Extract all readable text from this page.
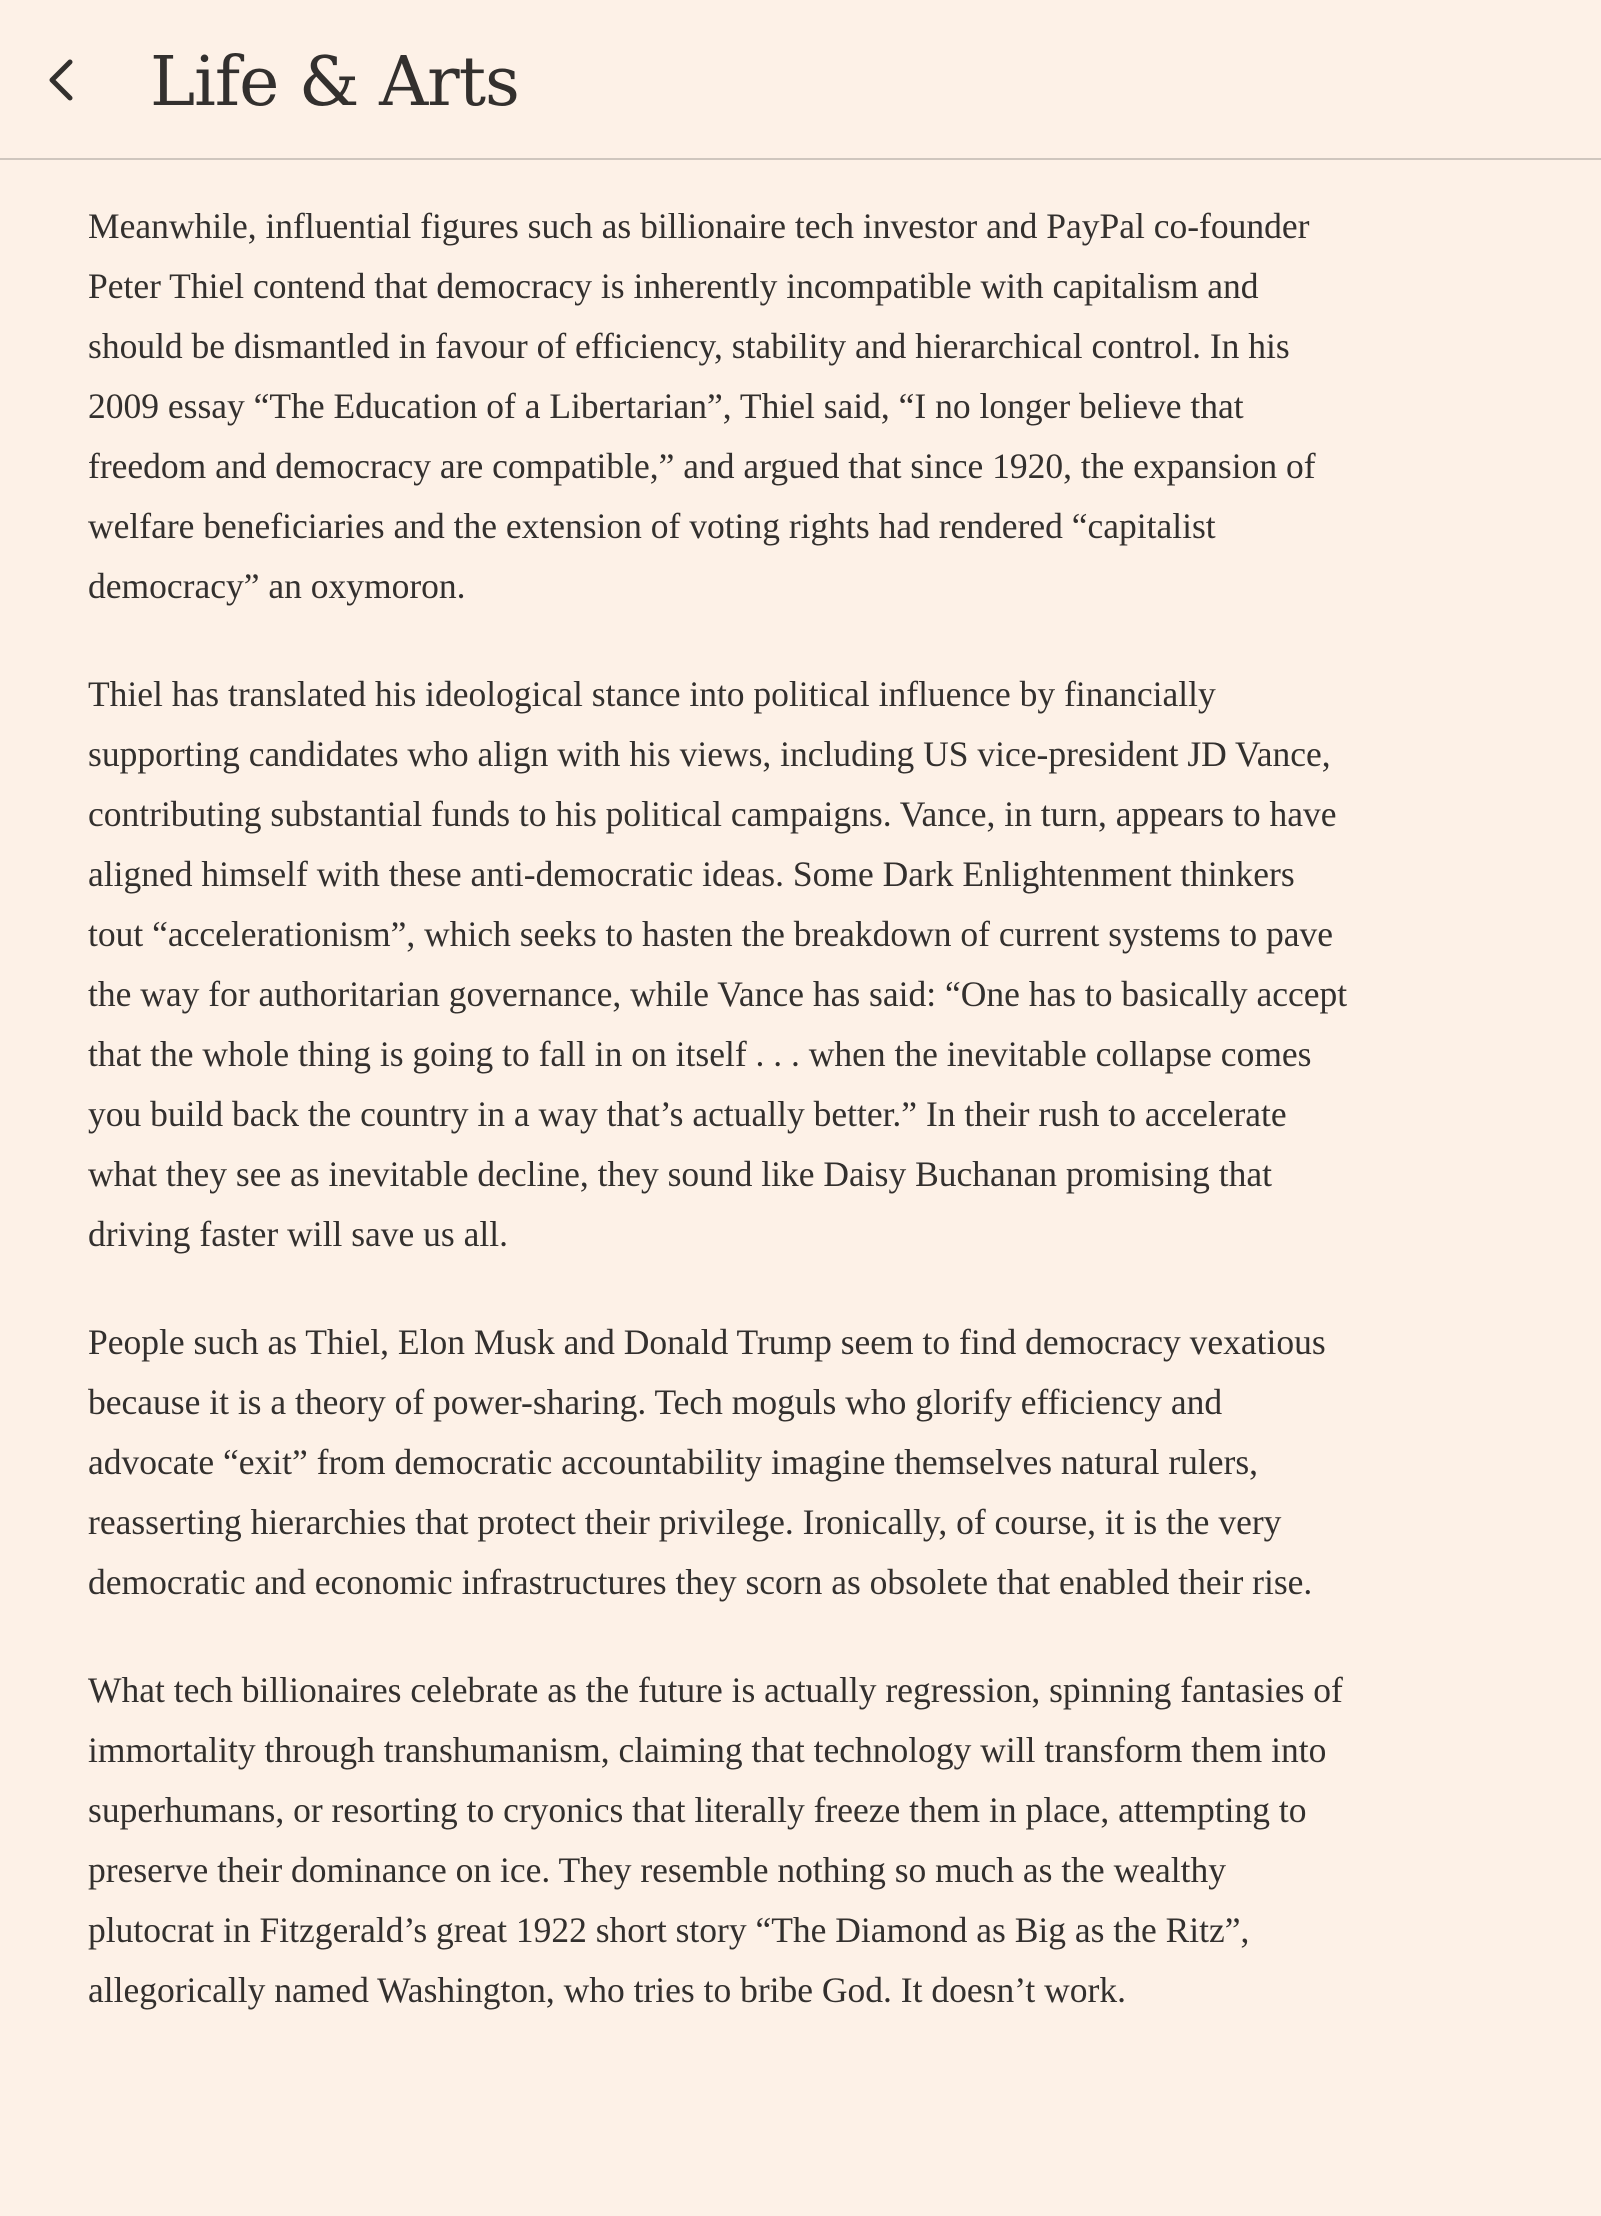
Life & Arts

Meanwhile, influential figures such as billionaire tech investor and PayPal co-founder Peter Thiel contend that democracy is inherently incompatible with capitalism and should be dismantled in favour of efficiency, stability and hierarchical control. In his 2009 essay “The Education of a Libertarian”, Thiel said, “I no longer believe that freedom and democracy are compatible,” and argued that since 1920, the expansion of welfare beneficiaries and the extension of voting rights had rendered “capitalist democracy” an oxymoron.

Thiel has translated his ideological stance into political influence by financially supporting candidates who align with his views, including US vice-president JD Vance, contributing substantial funds to his political campaigns. Vance, in turn, appears to have aligned himself with these anti-democratic ideas. Some Dark Enlightenment thinkers tout “accelerationism”, which seeks to hasten the breakdown of current systems to pave the way for authoritarian governance, while Vance has said: “One has to basically accept that the whole thing is going to fall in on itself . . . when the inevitable collapse comes you build back the country in a way that’s actually better.” In their rush to accelerate what they see as inevitable decline, they sound like Daisy Buchanan promising that driving faster will save us all.

People such as Thiel, Elon Musk and Donald Trump seem to find democracy vexatious because it is a theory of power-sharing. Tech moguls who glorify efficiency and advocate “exit” from democratic accountability imagine themselves natural rulers, reasserting hierarchies that protect their privilege. Ironically, of course, it is the very democratic and economic infrastructures they scorn as obsolete that enabled their rise.

What tech billionaires celebrate as the future is actually regression, spinning fantasies of immortality through transhumanism, claiming that technology will transform them into superhumans, or resorting to cryonics that literally freeze them in place, attempting to preserve their dominance on ice. They resemble nothing so much as the wealthy plutocrat in Fitzgerald’s great 1922 short story “The Diamond as Big as the Ritz”, allegorically named Washington, who tries to bribe God. It doesn’t work.
